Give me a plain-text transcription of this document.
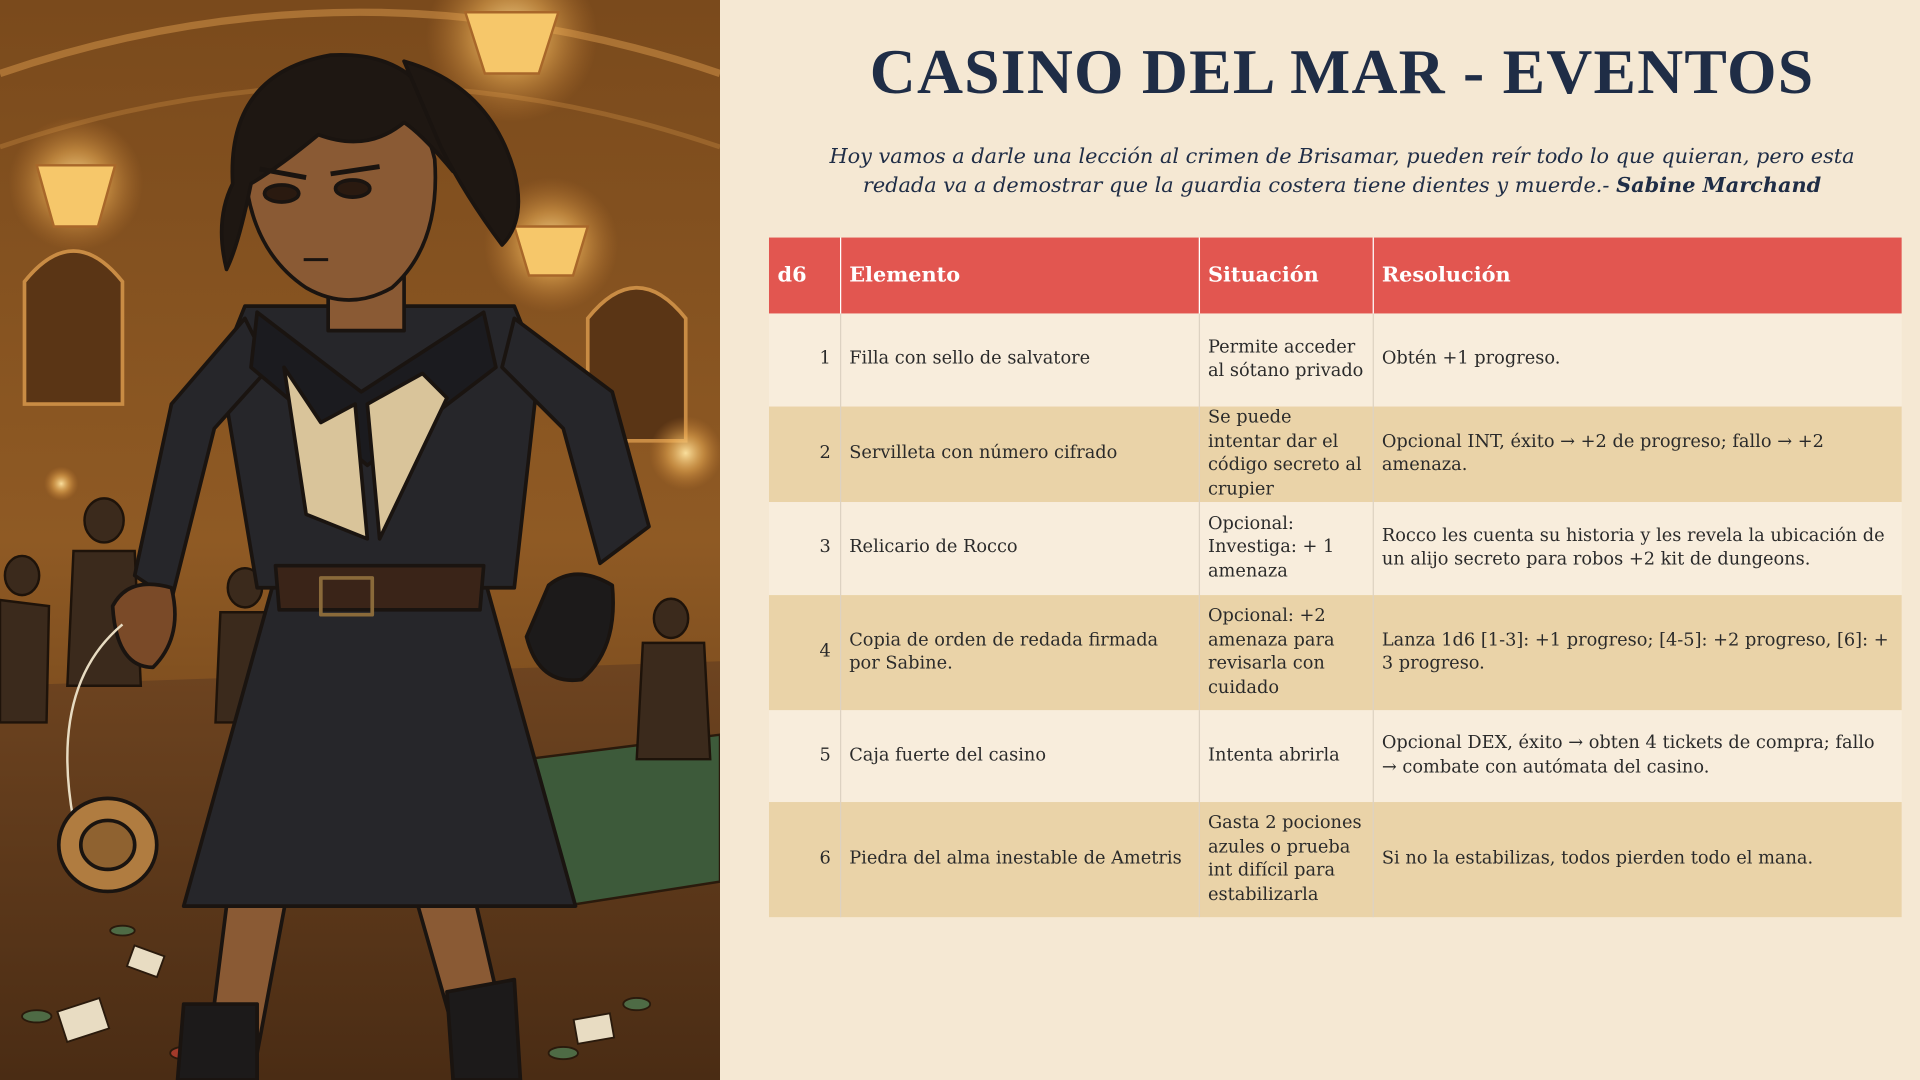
CASINO DEL MAR - EVENTOS

Hoy vamos a darle una lección al crimen de Brisamar, pueden reír todo lo que quieran, pero esta redada va a demostrar que la guardia costera tiene dientes y muerde.- Sabine Marchand

d6	Elemento	Situación	Resolución
1	Filla con sello de salvatore	Permite acceder al sótano privado	Obtén +1 progreso.
2	Servilleta con número cifrado	Se puede intentar dar el código secreto al crupier	Opcional INT, éxito → +2 de progreso; fallo → +2 amenaza.
3	Relicario de Rocco	Opcional: Investiga: + 1 amenaza	Rocco les cuenta su historia y les revela la ubicación de un alijo secreto para robos +2 kit de dungeons.
4	Copia de orden de redada firmada por Sabine.	Opcional: +2 amenaza para revisarla con cuidado	Lanza 1d6 [1-3]: +1 progreso; [4-5]: +2 progreso, [6]: + 3 progreso.
5	Caja fuerte del casino	Intenta abrirla	Opcional DEX, éxito → obten 4 tickets de compra; fallo → combate con autómata del casino.
6	Piedra del alma inestable de Ametris	Gasta 2 pociones azules o prueba int difícil para estabilizarla	Si no la estabilizas, todos pierden todo el mana.
